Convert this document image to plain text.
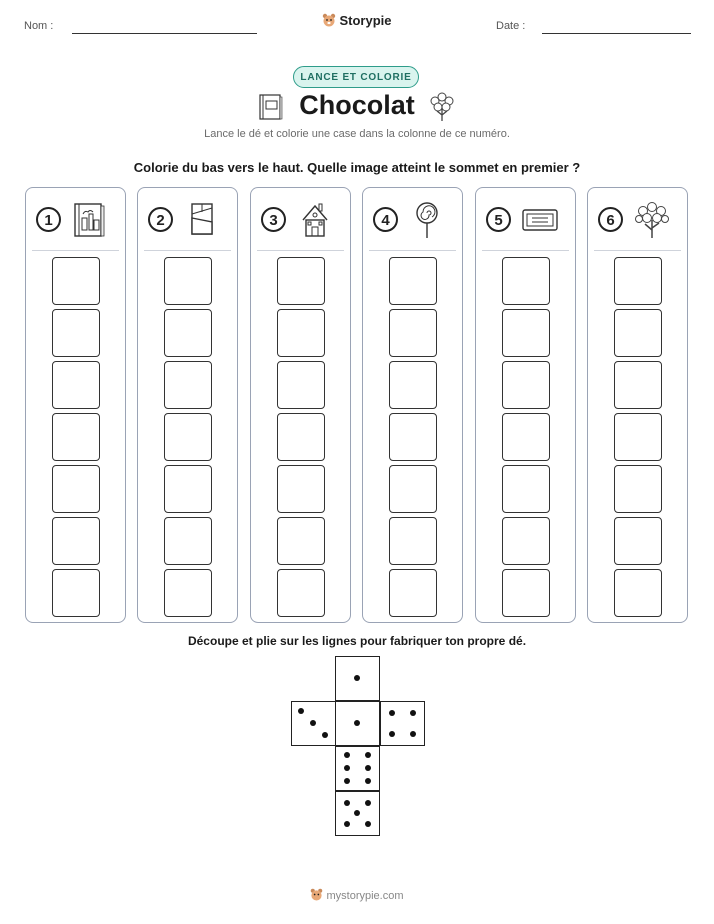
Nom :	Storypie	Date :
LANCE ET COLORIE
Chocolat
Lance le dé et colorie une case dans la colonne de ce numéro.
Colorie du bas vers le haut. Quelle image atteint le sommet en premier ?
1	2	3	4	5	6
Découpe et plie sur les lignes pour fabriquer ton propre dé.
mystorypie.com
